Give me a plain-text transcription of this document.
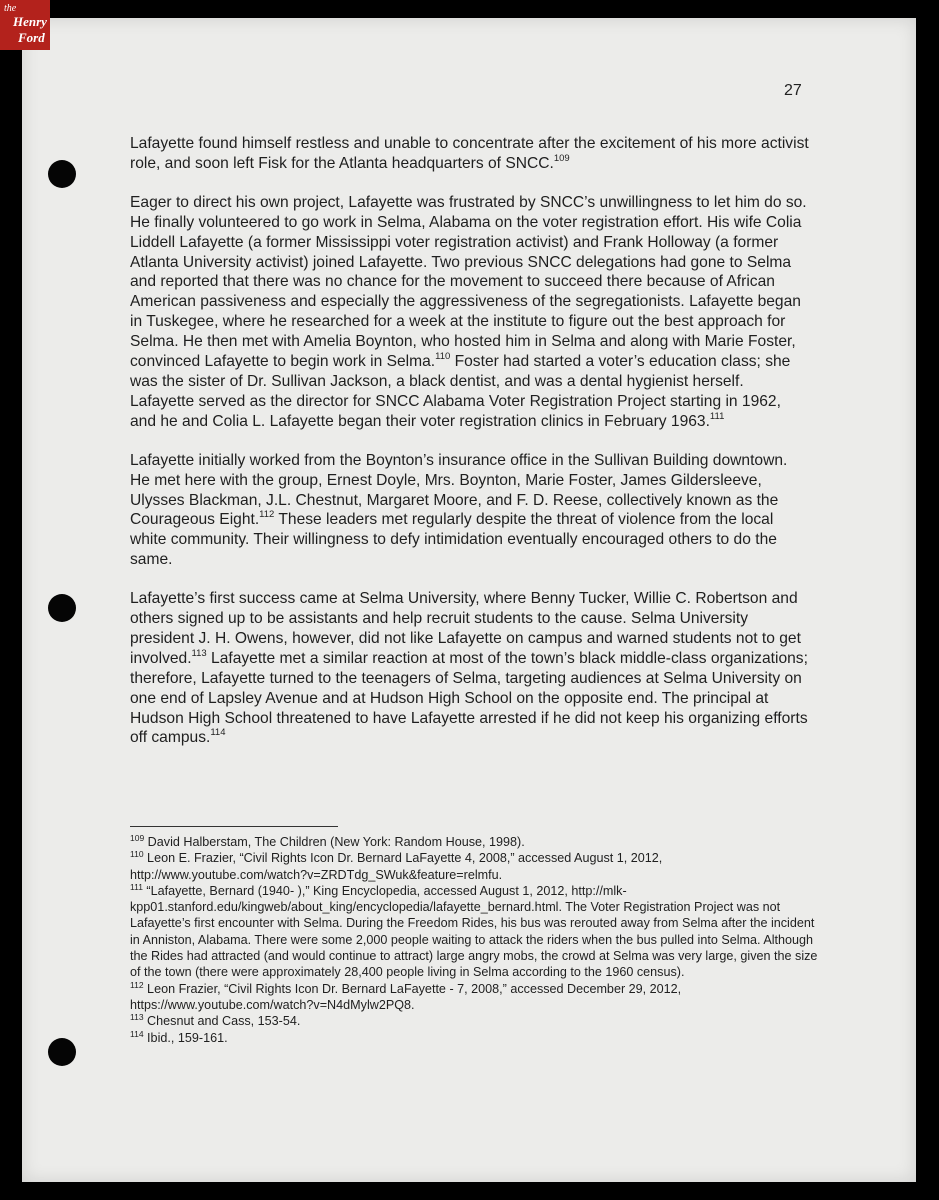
the
Henry
Ford
27

Lafayette found himself restless and unable to concentrate after the excitement of his more activist role, and soon left Fisk for the Atlanta headquarters of SNCC.$^{109}$

Eager to direct his own project, Lafayette was frustrated by SNCC’s unwillingness to let him do so. He finally volunteered to go work in Selma, Alabama on the voter registration effort. His wife Colia Liddell Lafayette (a former Mississippi voter registration activist) and Frank Holloway (a former Atlanta University activist) joined Lafayette. Two previous SNCC delegations had gone to Selma and reported that there was no chance for the movement to succeed there because of African American passiveness and especially the aggressiveness of the segregationists. Lafayette began in Tuskegee, where he researched for a week at the institute to figure out the best approach for Selma. He then met with Amelia Boynton, who hosted him in Selma and along with Marie Foster, convinced Lafayette to begin work in Selma.$^{110}$ Foster had started a voter’s education class; she was the sister of Dr. Sullivan Jackson, a black dentist, and was a dental hygienist herself. Lafayette served as the director for SNCC Alabama Voter Registration Project starting in 1962, and he and Colia L. Lafayette began their voter registration clinics in February 1963.$^{111}$

Lafayette initially worked from the Boynton’s insurance office in the Sullivan Building downtown. He met here with the group, Ernest Doyle, Mrs. Boynton, Marie Foster, James Gildersleeve, Ulysses Blackman, J.L. Chestnut, Margaret Moore, and F. D. Reese, collectively known as the Courageous Eight.$^{112}$ These leaders met regularly despite the threat of violence from the local white community. Their willingness to defy intimidation eventually encouraged others to do the same.

Lafayette’s first success came at Selma University, where Benny Tucker, Willie C. Robertson and others signed up to be assistants and help recruit students to the cause. Selma University president J. H. Owens, however, did not like Lafayette on campus and warned students not to get involved.$^{113}$ Lafayette met a similar reaction at most of the town’s black middle-class organizations; therefore, Lafayette turned to the teenagers of Selma, targeting audiences at Selma University on one end of Lapsley Avenue and at Hudson High School on the opposite end. The principal at Hudson High School threatened to have Lafayette arrested if he did not keep his organizing efforts off campus.$^{114}$

$^{109}$ David Halberstam, The Children (New York: Random House, 1998).

$^{110}$ Leon E. Frazier, “Civil Rights Icon Dr. Bernard LaFayette 4, 2008,” accessed August 1, 2012, http://www.youtube.com/watch?v=ZRDTdg_SWuk&feature=relmfu.

$^{111}$ “Lafayette, Bernard (1940- ),” King Encyclopedia, accessed August 1, 2012, http://mlk-kpp01.stanford.edu/kingweb/about_king/encyclopedia/lafayette_bernard.html. The Voter Registration Project was not Lafayette’s first encounter with Selma. During the Freedom Rides, his bus was rerouted away from Selma after the incident in Anniston, Alabama. There were some 2,000 people waiting to attack the riders when the bus pulled into Selma. Although the Rides had attracted (and would continue to attract) large angry mobs, the crowd at Selma was very large, given the size of the town (there were approximately 28,400 people living in Selma according to the 1960 census).

$^{112}$ Leon Frazier, “Civil Rights Icon Dr. Bernard LaFayette - 7, 2008,” accessed December 29, 2012, https://www.youtube.com/watch?v=N4dMylw2PQ8.

$^{113}$ Chesnut and Cass, 153-54.

$^{114}$ Ibid., 159-161.
